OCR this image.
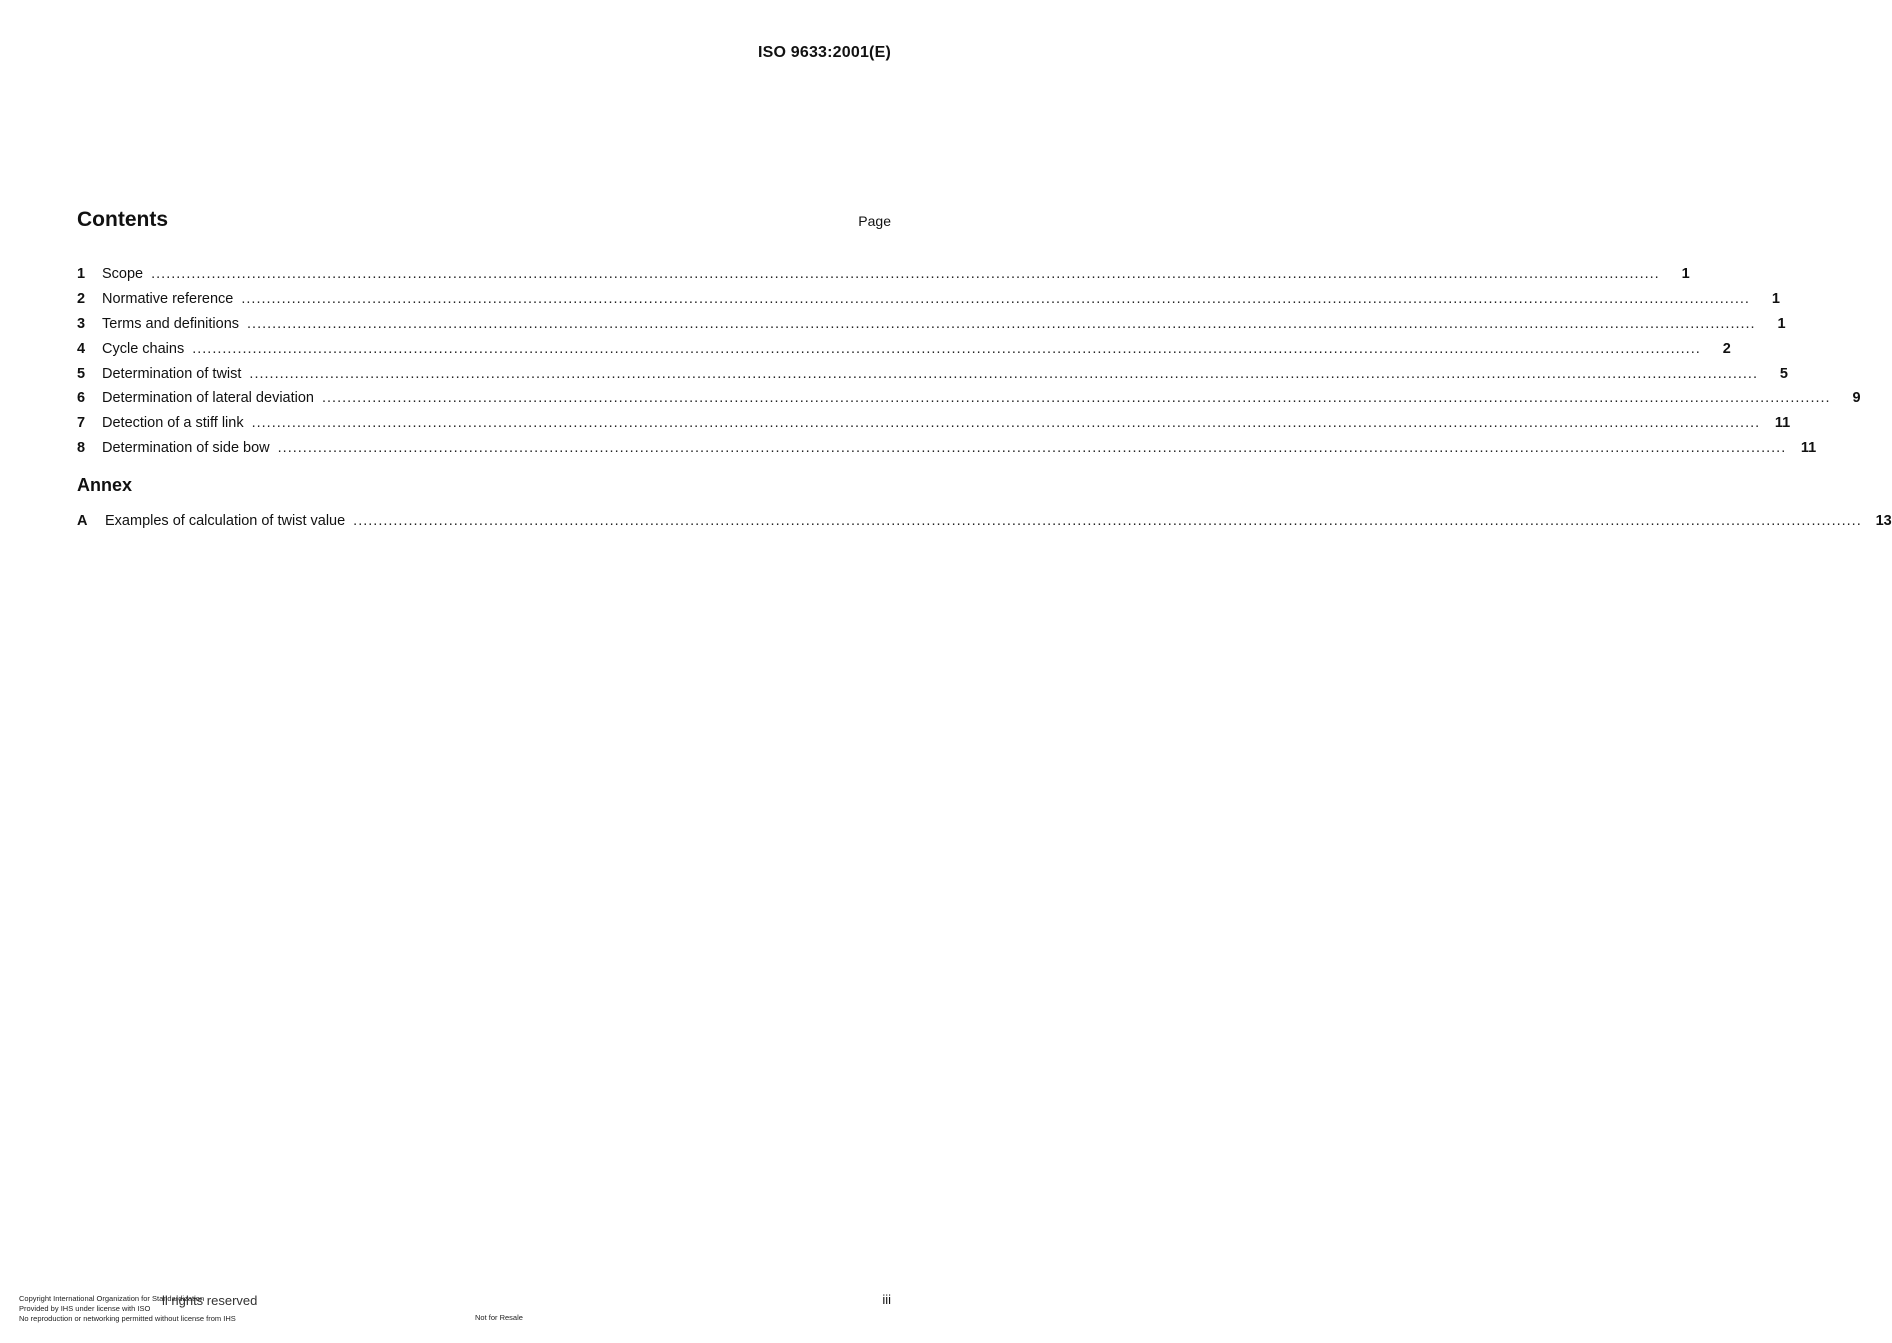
ISO 9633:2001(E)
Contents	Page
1	Scope ............................................................................................................................................................................................................................................................................................................	1
2	Normative reference ............................................................................................................................................................................................................................................................................................................	1
3	Terms and definitions ............................................................................................................................................................................................................................................................................................................	1
4	Cycle chains ............................................................................................................................................................................................................................................................................................................	2
5	Determination of twist ............................................................................................................................................................................................................................................................................................................	5
6	Determination of lateral deviation ............................................................................................................................................................................................................................................................................................................	9
7	Detection of a stiff link ............................................................................................................................................................................................................................................................................................................	11
8	Determination of side bow ............................................................................................................................................................................................................................................................................................................	11
Annex
A	Examples of calculation of twist value ............................................................................................................................................................................................................................................................................................................ 13
ll rights reserved
Copyright International Organization for Standardization
Provided by IHS under license with ISO
No reproduction or networking permitted without license from IHS	Not for Resale
iii
